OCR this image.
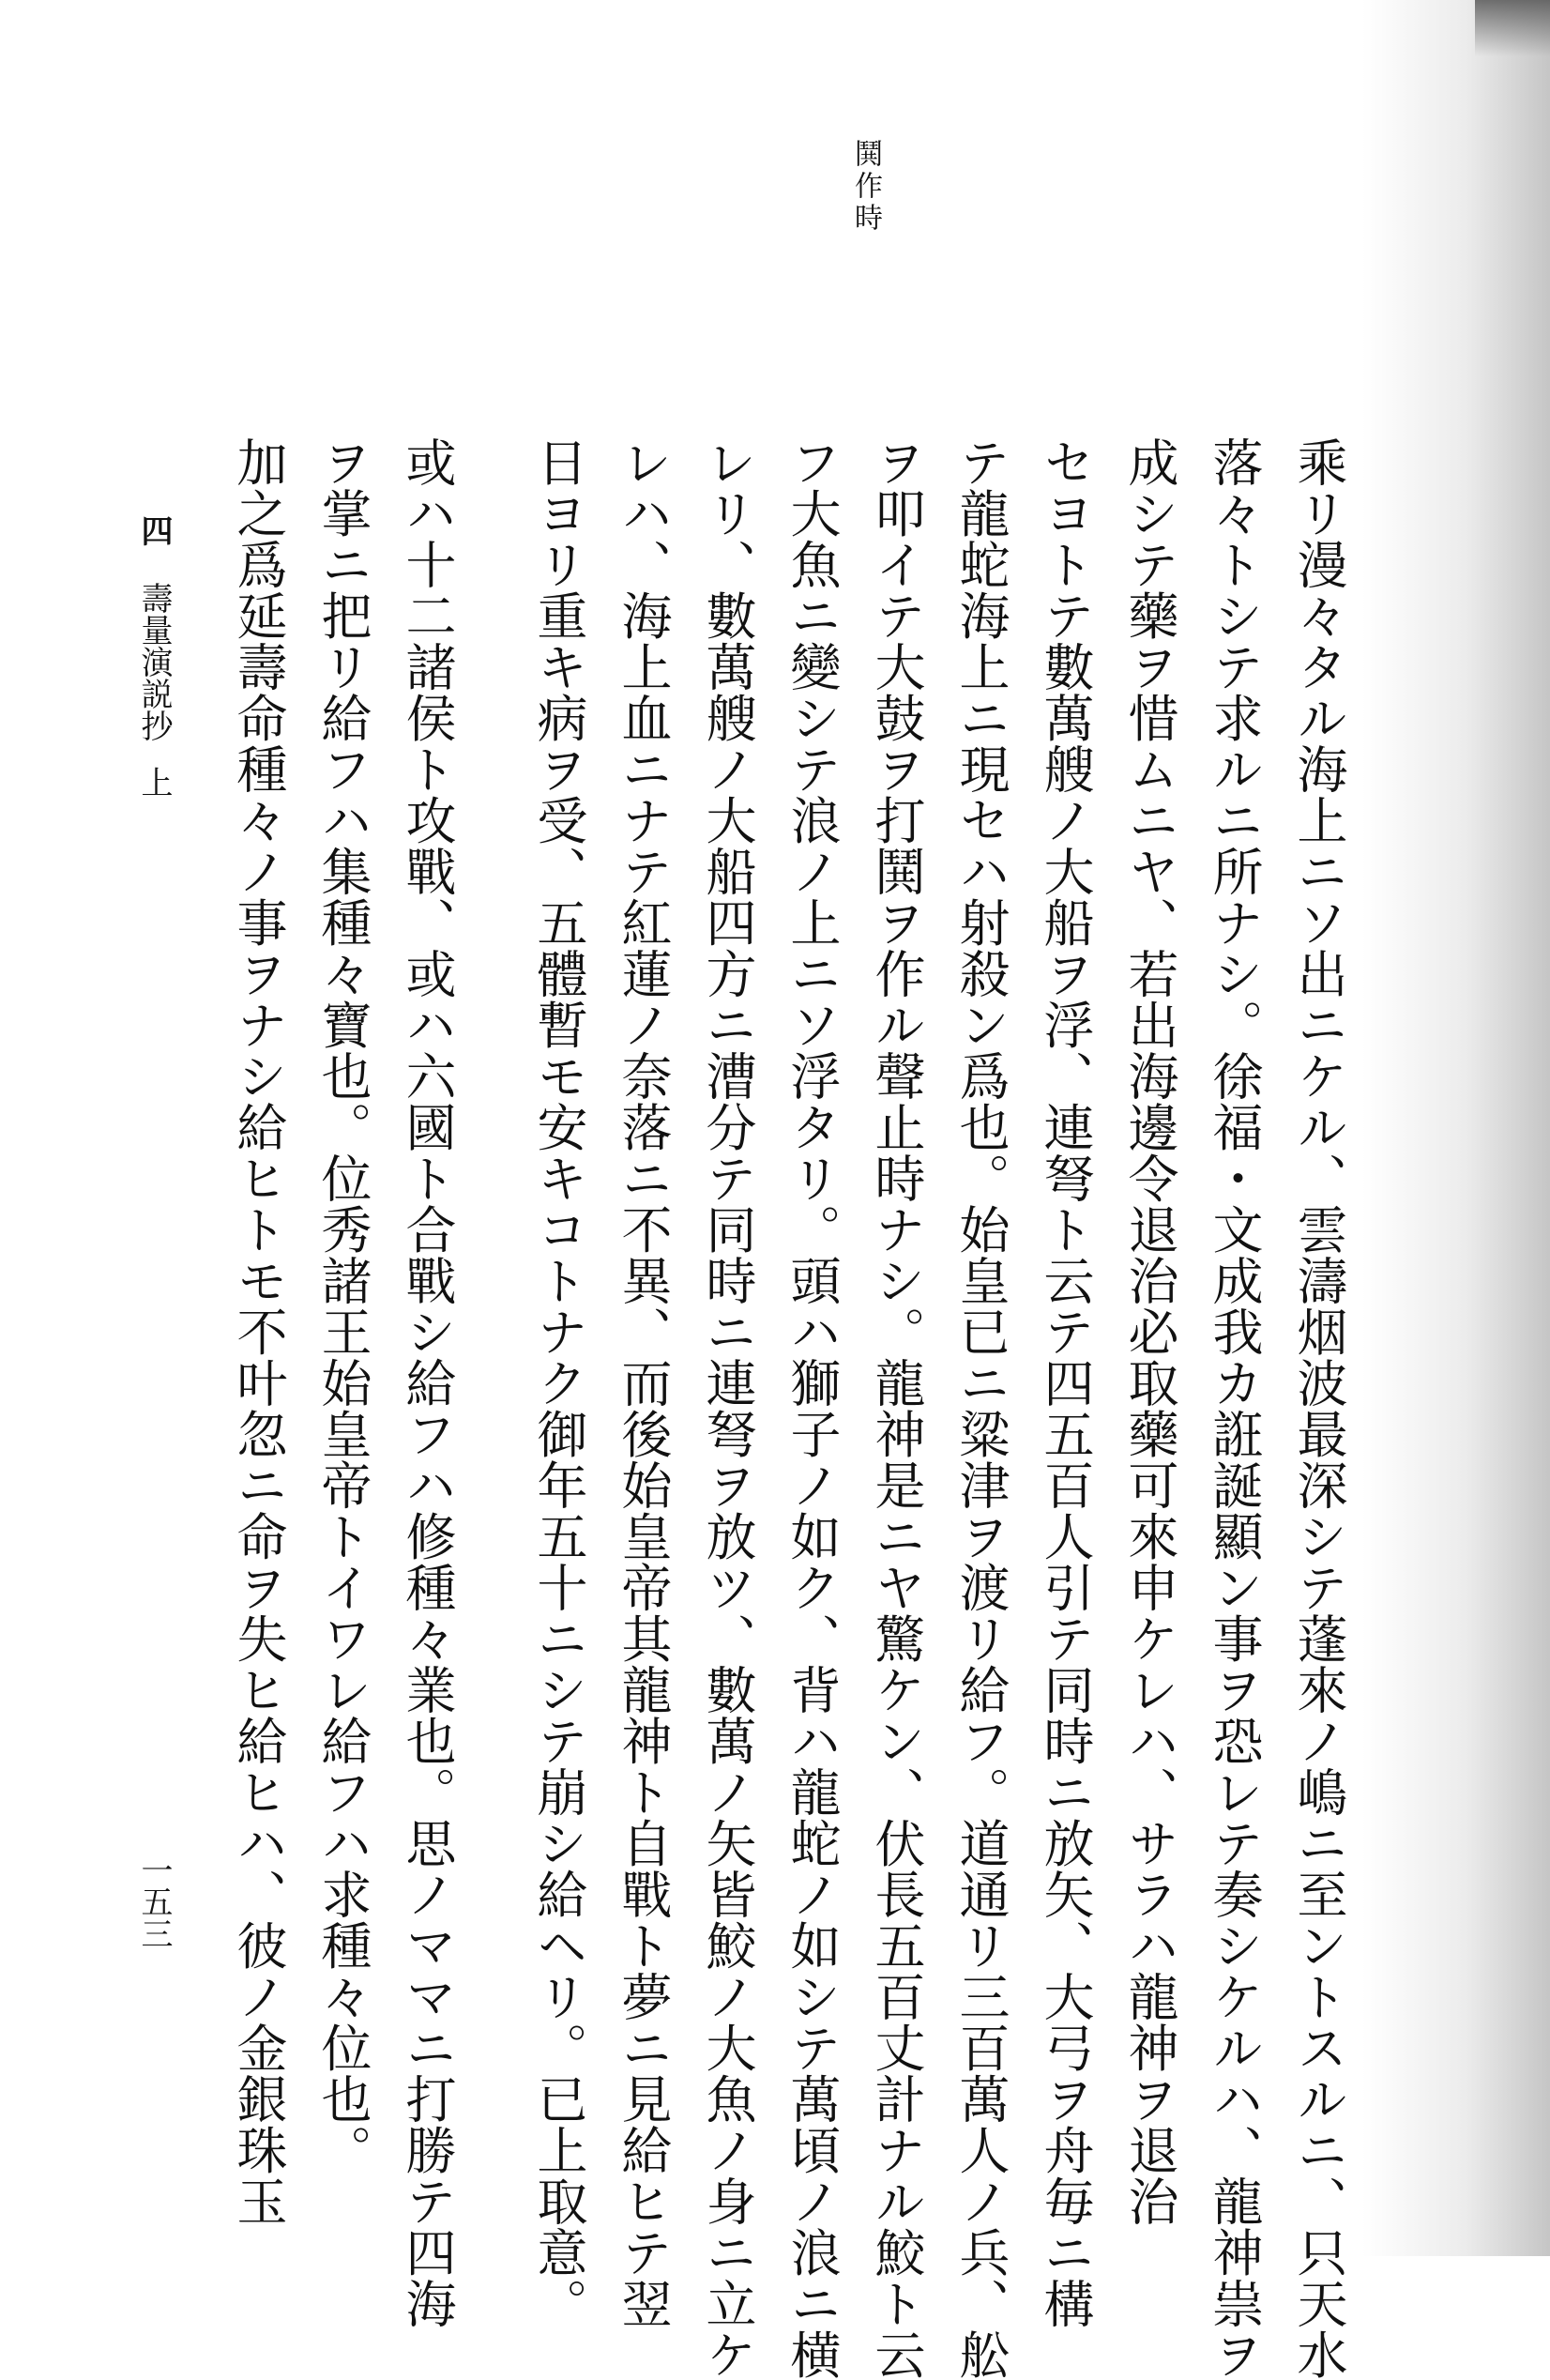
鬨作時
乘リ漫々タル海上ニソ出ニケル、雲濤烟波最深シテ蓬來ノ嶋ニ至ントスルニ、只天水
落々トシテ求ルニ所ナシ。徐福・文成我カ誑誕顯ン事ヲ恐レテ奏シケルハ、龍神祟ヲ
成シテ藥ヲ惜ムニヤ、若出海邊令退治必取藥可來申ケレハ、サラハ龍神ヲ退治
セヨトテ數萬艘ノ大船ヲ浮、連弩ト云テ四五百人引テ同時ニ放矢、大弓ヲ舟毎ニ構
テ龍蛇海上ニ現セハ射殺ン爲也。始皇已ニ粱津ヲ渡リ給フ。道通リ三百萬人ノ兵、舩
ヲ叩イテ大鼓ヲ打鬨ヲ作ル聲止時ナシ。龍神是ニヤ驚ケン、伏長五百丈計ナル鮫ト云
フ大魚ニ變シテ浪ノ上ニソ浮タリ。頭ハ獅子ノ如ク、背ハ龍蛇ノ如シテ萬頃ノ浪ニ横
レリ、數萬艘ノ大船四方ニ漕分テ同時ニ連弩ヲ放ツ、數萬ノ矢皆鮫ノ大魚ノ身ニ立ケ
レハ、海上血ニナテ紅蓮ノ奈落ニ不異、而後始皇帝其龍神ト自戰ト夢ニ見給ヒテ翌
日ヨリ重キ病ヲ受、五體暫モ安キコトナク御年五十ニシテ崩シ給ヘリ。已上取意。
或ハ十二諸侯ト攻戰、或ハ六國ト合戰シ給フハ修種々業也。思ノママニ打勝テ四海
ヲ掌ニ把リ給フハ集種々寶也。位秀諸王始皇帝トイワレ給フハ求種々位也。
加之爲延壽命種々ノ事ヲナシ給ヒトモ不叶忽ニ命ヲ失ヒ給ヒハ、彼ノ金銀珠玉
四
壽量演説抄上
一五三
